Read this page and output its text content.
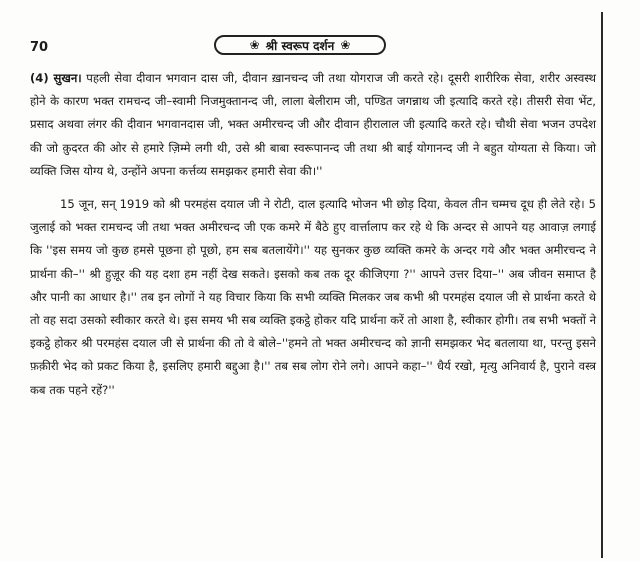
70	❀ श्री स्वरूप दर्शन ❀

(4) सुखन। पहली सेवा दीवान भगवान दास जी, दीवान ख़ानचन्द जी तथा योगराज जी करते रहे। दूसरी शारीरिक सेवा, शरीर अस्वस्थ होने के कारण भक्त रामचन्द जी–स्वामी निजमुक्तानन्द जी, लाला बेलीराम जी, पण्डित जगन्नाथ जी इत्यादि करते रहे। तीसरी सेवा भेंट, प्रसाद अथवा लंगर की दीवान भगवानदास जी, भक्त अमीरचन्द जी और दीवान हीरालाल जी इत्यादि करते रहे। चौथी सेवा भजन उपदेश की जो क़ुदरत की ओर से हमारे ज़िम्मे लगी थी, उसे श्री बाबा स्वरूपानन्द जी तथा श्री बाई योगानन्द जी ने बहुत योग्यता से किया। जो व्यक्ति जिस योग्य थे, उन्होंने अपना कर्त्तव्य समझकर हमारी सेवा की।''

15 जून, सन् 1919 को श्री परमहंस दयाल जी ने रोटी, दाल इत्यादि भोजन भी छोड़ दिया, केवल तीन चम्मच दूध ही लेते रहे। 5 जुलाई को भक्त रामचन्द जी तथा भक्त अमीरचन्द जी एक कमरे में बैठे हुए वार्त्तालाप कर रहे थे कि अन्दर से आपने यह आवाज़ लगाई कि ''इस समय जो कुछ हमसे पूछना हो पूछो, हम सब बतलायेंगे।'' यह सुनकर कुछ व्यक्ति कमरे के अन्दर गये और भक्त अमीरचन्द ने प्रार्थना की–'' श्री हुज़ूर की यह दशा हम नहीं देख सकते। इसको कब तक दूर कीजिएगा ?'' आपने उत्तर दिया–'' अब जीवन समाप्त है और पानी का आधार है।'' तब इन लोगों ने यह विचार किया कि सभी व्यक्ति मिलकर जब कभी श्री परमहंस दयाल जी से प्रार्थना करते थे तो वह सदा उसको स्वीकार करते थे। इस समय भी सब व्यक्ति इकट्ठे होकर यदि प्रार्थना करें तो आशा है, स्वीकार होगी। तब सभी भक्तों ने इकट्ठे होकर श्री परमहंस दयाल जी से प्रार्थना की तो वे बोले–''हमने तो भक्त अमीरचन्द को ज्ञानी समझकर भेद बतलाया था, परन्तु इसने फ़क़ीरी भेद को प्रकट किया है, इसलिए हमारी बद्दुआ है।'' तब सब लोग रोने लगे। आपने कहा–'' धैर्य रखो, मृत्यु अनिवार्य है, पुराने वस्त्र कब तक पहने रहें?''
